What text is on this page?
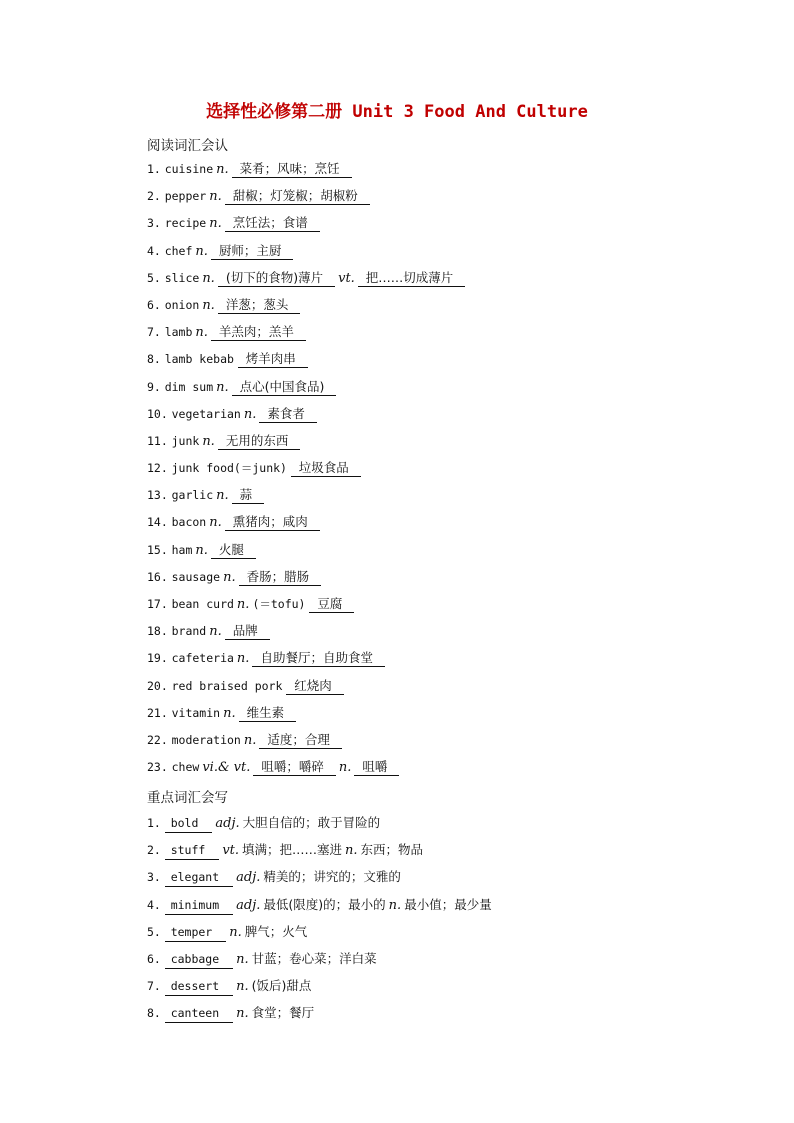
选择性必修第二册 Unit 3 Food And Culture
阅读词汇会认
1. cuisine n. 菜肴；风味；烹饪
2. pepper n. 甜椒；灯笼椒；胡椒粉
3. recipe n. 烹饪法；食谱
4. chef n. 厨师；主厨
5. slice n. (切下的食物)薄片 vt. 把……切成薄片
6. onion n. 洋葱；葱头
7. lamb n. 羊羔肉；羔羊
8. lamb kebab 烤羊肉串
9. dim sum n. 点心(中国食品)
10. vegetarian n. 素食者
11. junk n. 无用的东西
12. junk food(＝junk) 垃圾食品
13. garlic n. 蒜
14. bacon n. 熏猪肉；咸肉
15. ham n. 火腿
16. sausage n. 香肠；腊肠
17. bean curd n. (＝tofu) 豆腐
18. brand n. 品牌
19. cafeteria n. 自助餐厅；自助食堂
20. red braised pork 红烧肉
21. vitamin n. 维生素
22. moderation n. 适度；合理
23. chew vi.& vt. 咀嚼；嚼碎 n. 咀嚼
重点词汇会写
1. bold adj. 大胆自信的；敢于冒险的
2. stuff vt. 填满；把……塞进 n. 东西；物品
3. elegant adj. 精美的；讲究的；文雅的
4. minimum adj. 最低(限度)的；最小的 n. 最小值；最少量
5. temper n. 脾气；火气
6. cabbage n. 甘蓝；卷心菜；洋白菜
7. dessert n. (饭后)甜点
8. canteen n. 食堂；餐厅
